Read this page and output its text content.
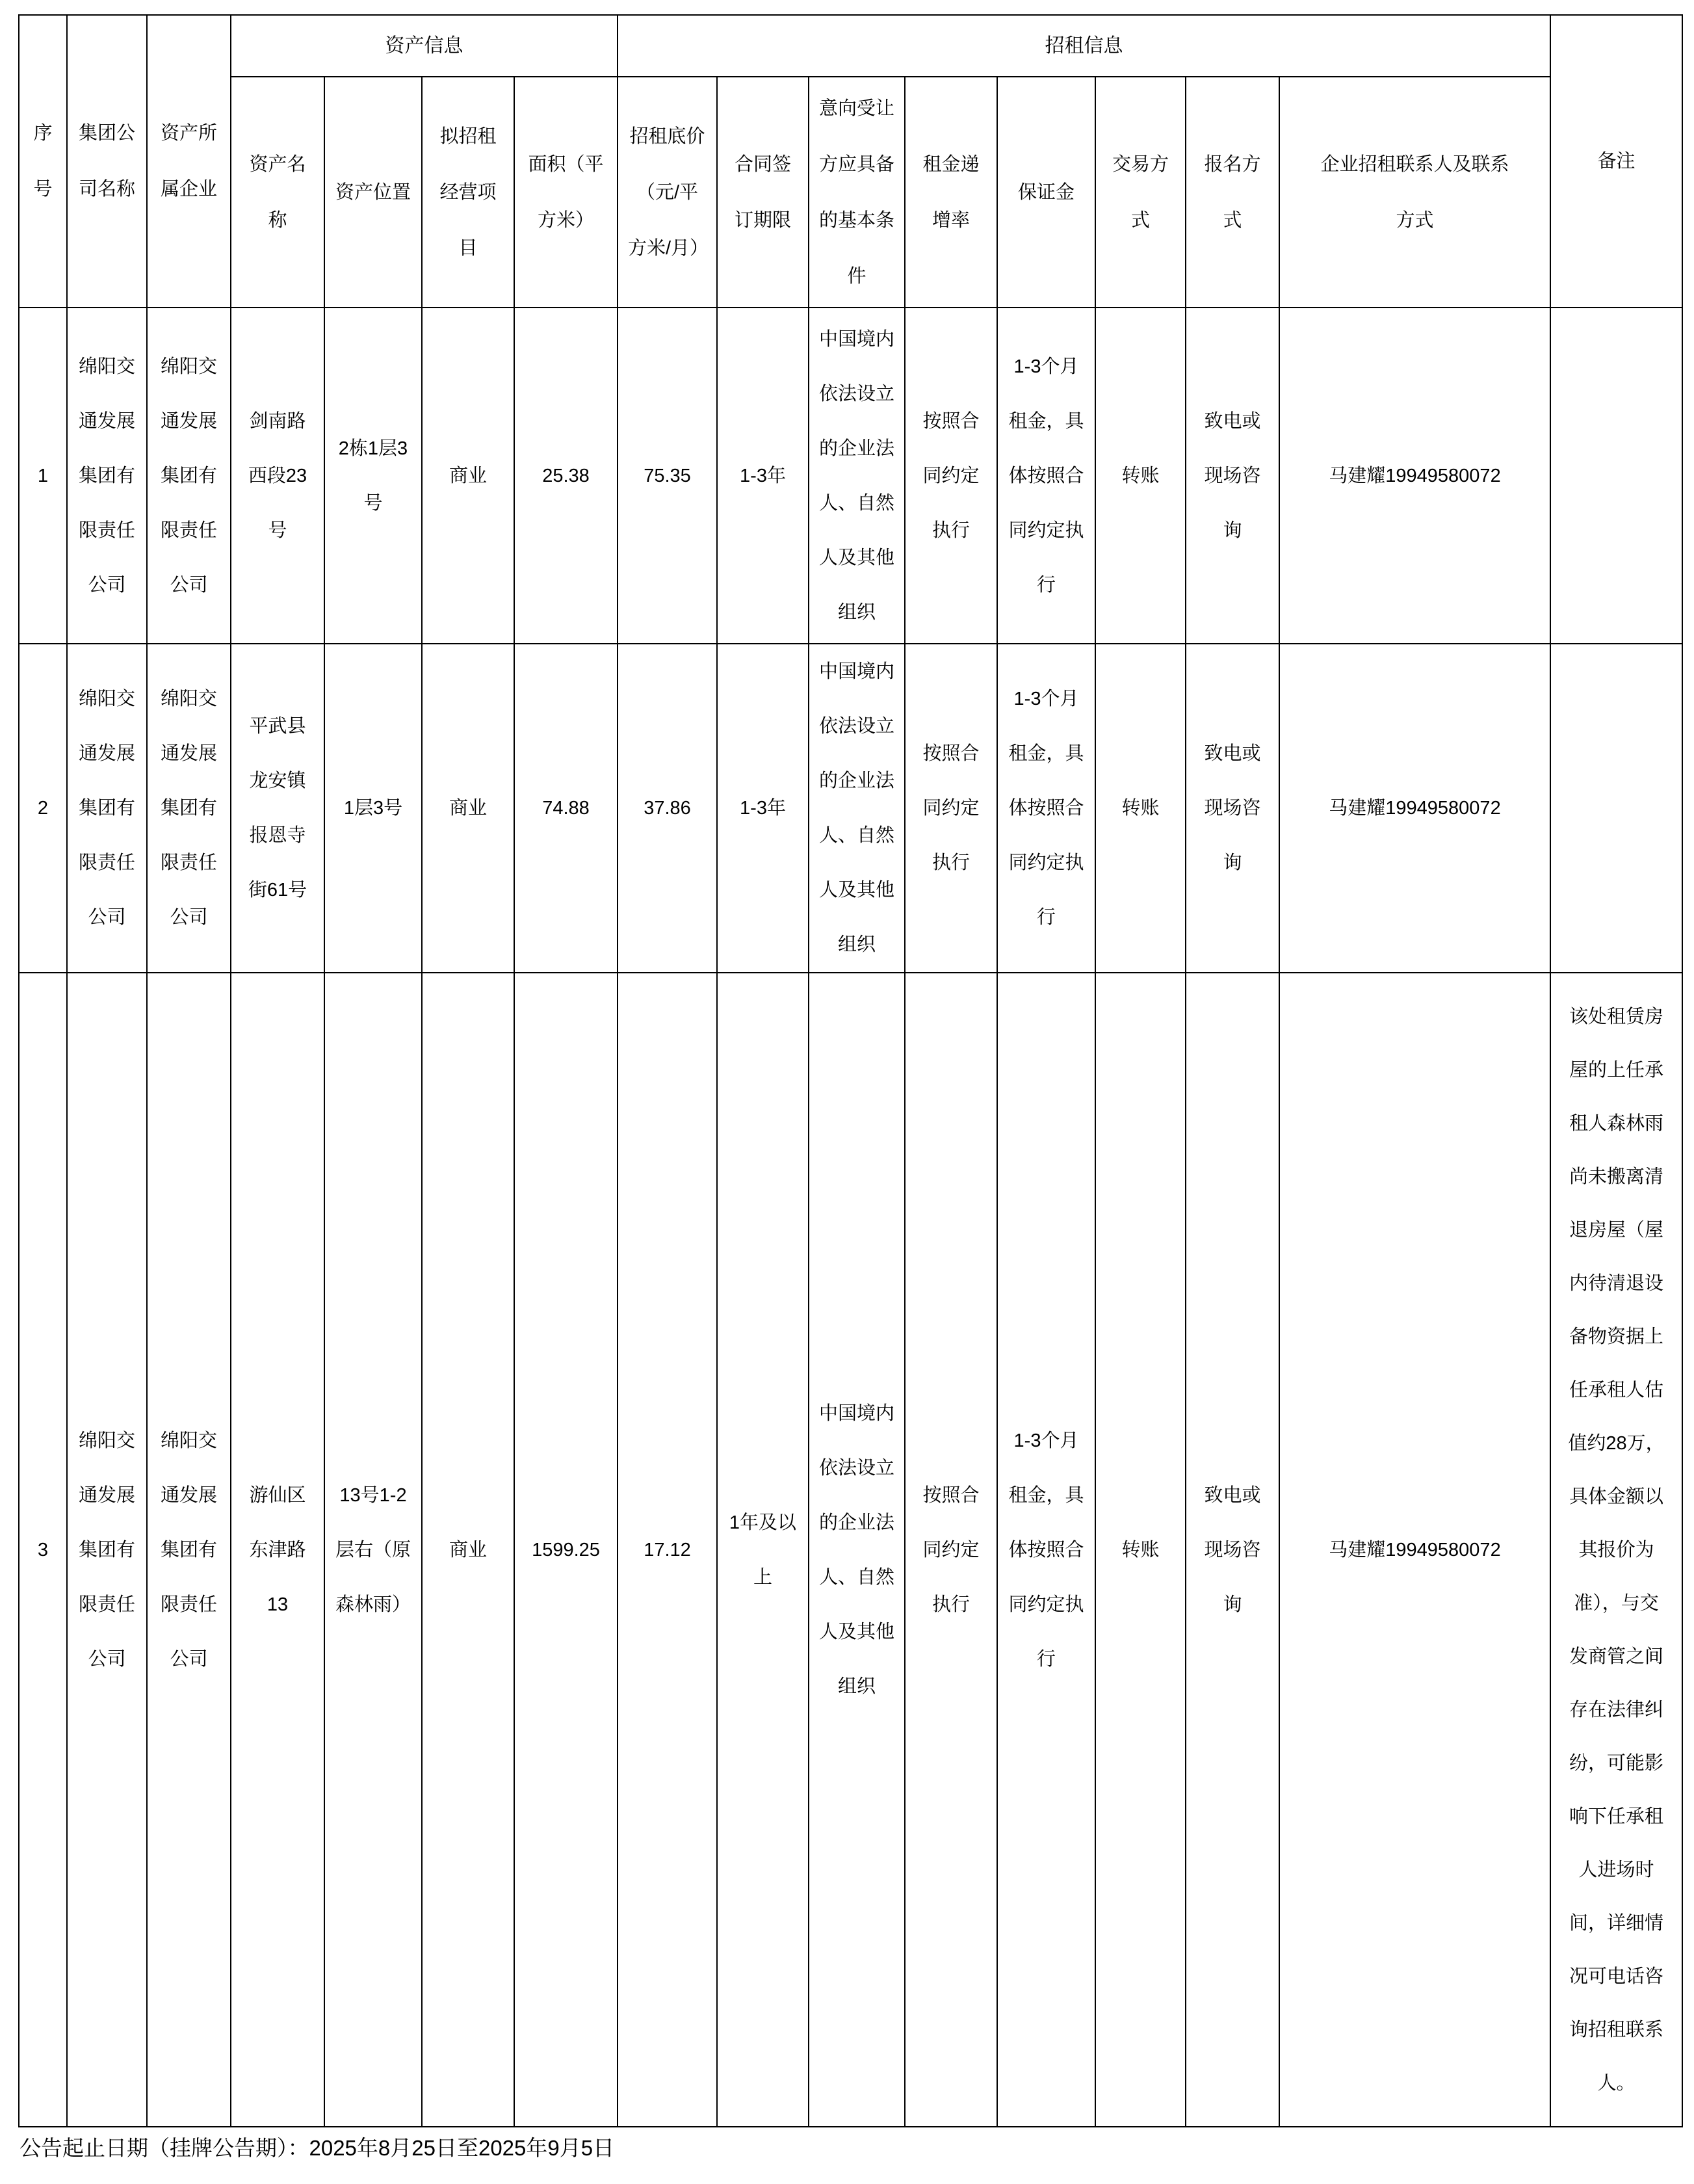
序号	集团公司名称	资产所属企业	资产信息				招租信息								备注
			资产名称	资产位置	拟招租经营项目	面积（平方米）	招租底价（元/平方米/月）	合同签订期限	意向受让方应具备的基本条件	租金递增率	保证金	交易方式	报名方式	企业招租联系人及联系方式	
1	绵阳交通发展集团有限责任公司	绵阳交通发展集团有限责任公司	剑南路西段23号	2栋1层3号	商业	25.38	75.35	1-3年	中国境内依法设立的企业法人、自然人及其他组织	按照合同约定执行	1-3个月租金，具体按照合同约定执行	转账	致电或现场咨询	马建耀19949580072	
2	绵阳交通发展集团有限责任公司	绵阳交通发展集团有限责任公司	平武县龙安镇报恩寺街61号	1层3号	商业	74.88	37.86	1-3年	中国境内依法设立的企业法人、自然人及其他组织	按照合同约定执行	1-3个月租金，具体按照合同约定执行	转账	致电或现场咨询	马建耀19949580072	
3	绵阳交通发展集团有限责任公司	绵阳交通发展集团有限责任公司	游仙区东津路13	13号1-2层右（原森林雨）	商业	1599.25	17.12	1年及以上	中国境内依法设立的企业法人、自然人及其他组织	按照合同约定执行	1-3个月租金，具体按照合同约定执行	转账	致电或现场咨询	马建耀19949580072	该处租赁房屋的上任承租人森林雨尚未搬离清退房屋（屋内待清退设备物资据上任承租人估值约28万，具体金额以其报价为准），与交发商管之间存在法律纠纷，可能影响下任承租人进场时间，详细情况可电话咨询招租联系人。
公告起止日期（挂牌公告期）：2025年8月25日至2025年9月5日
